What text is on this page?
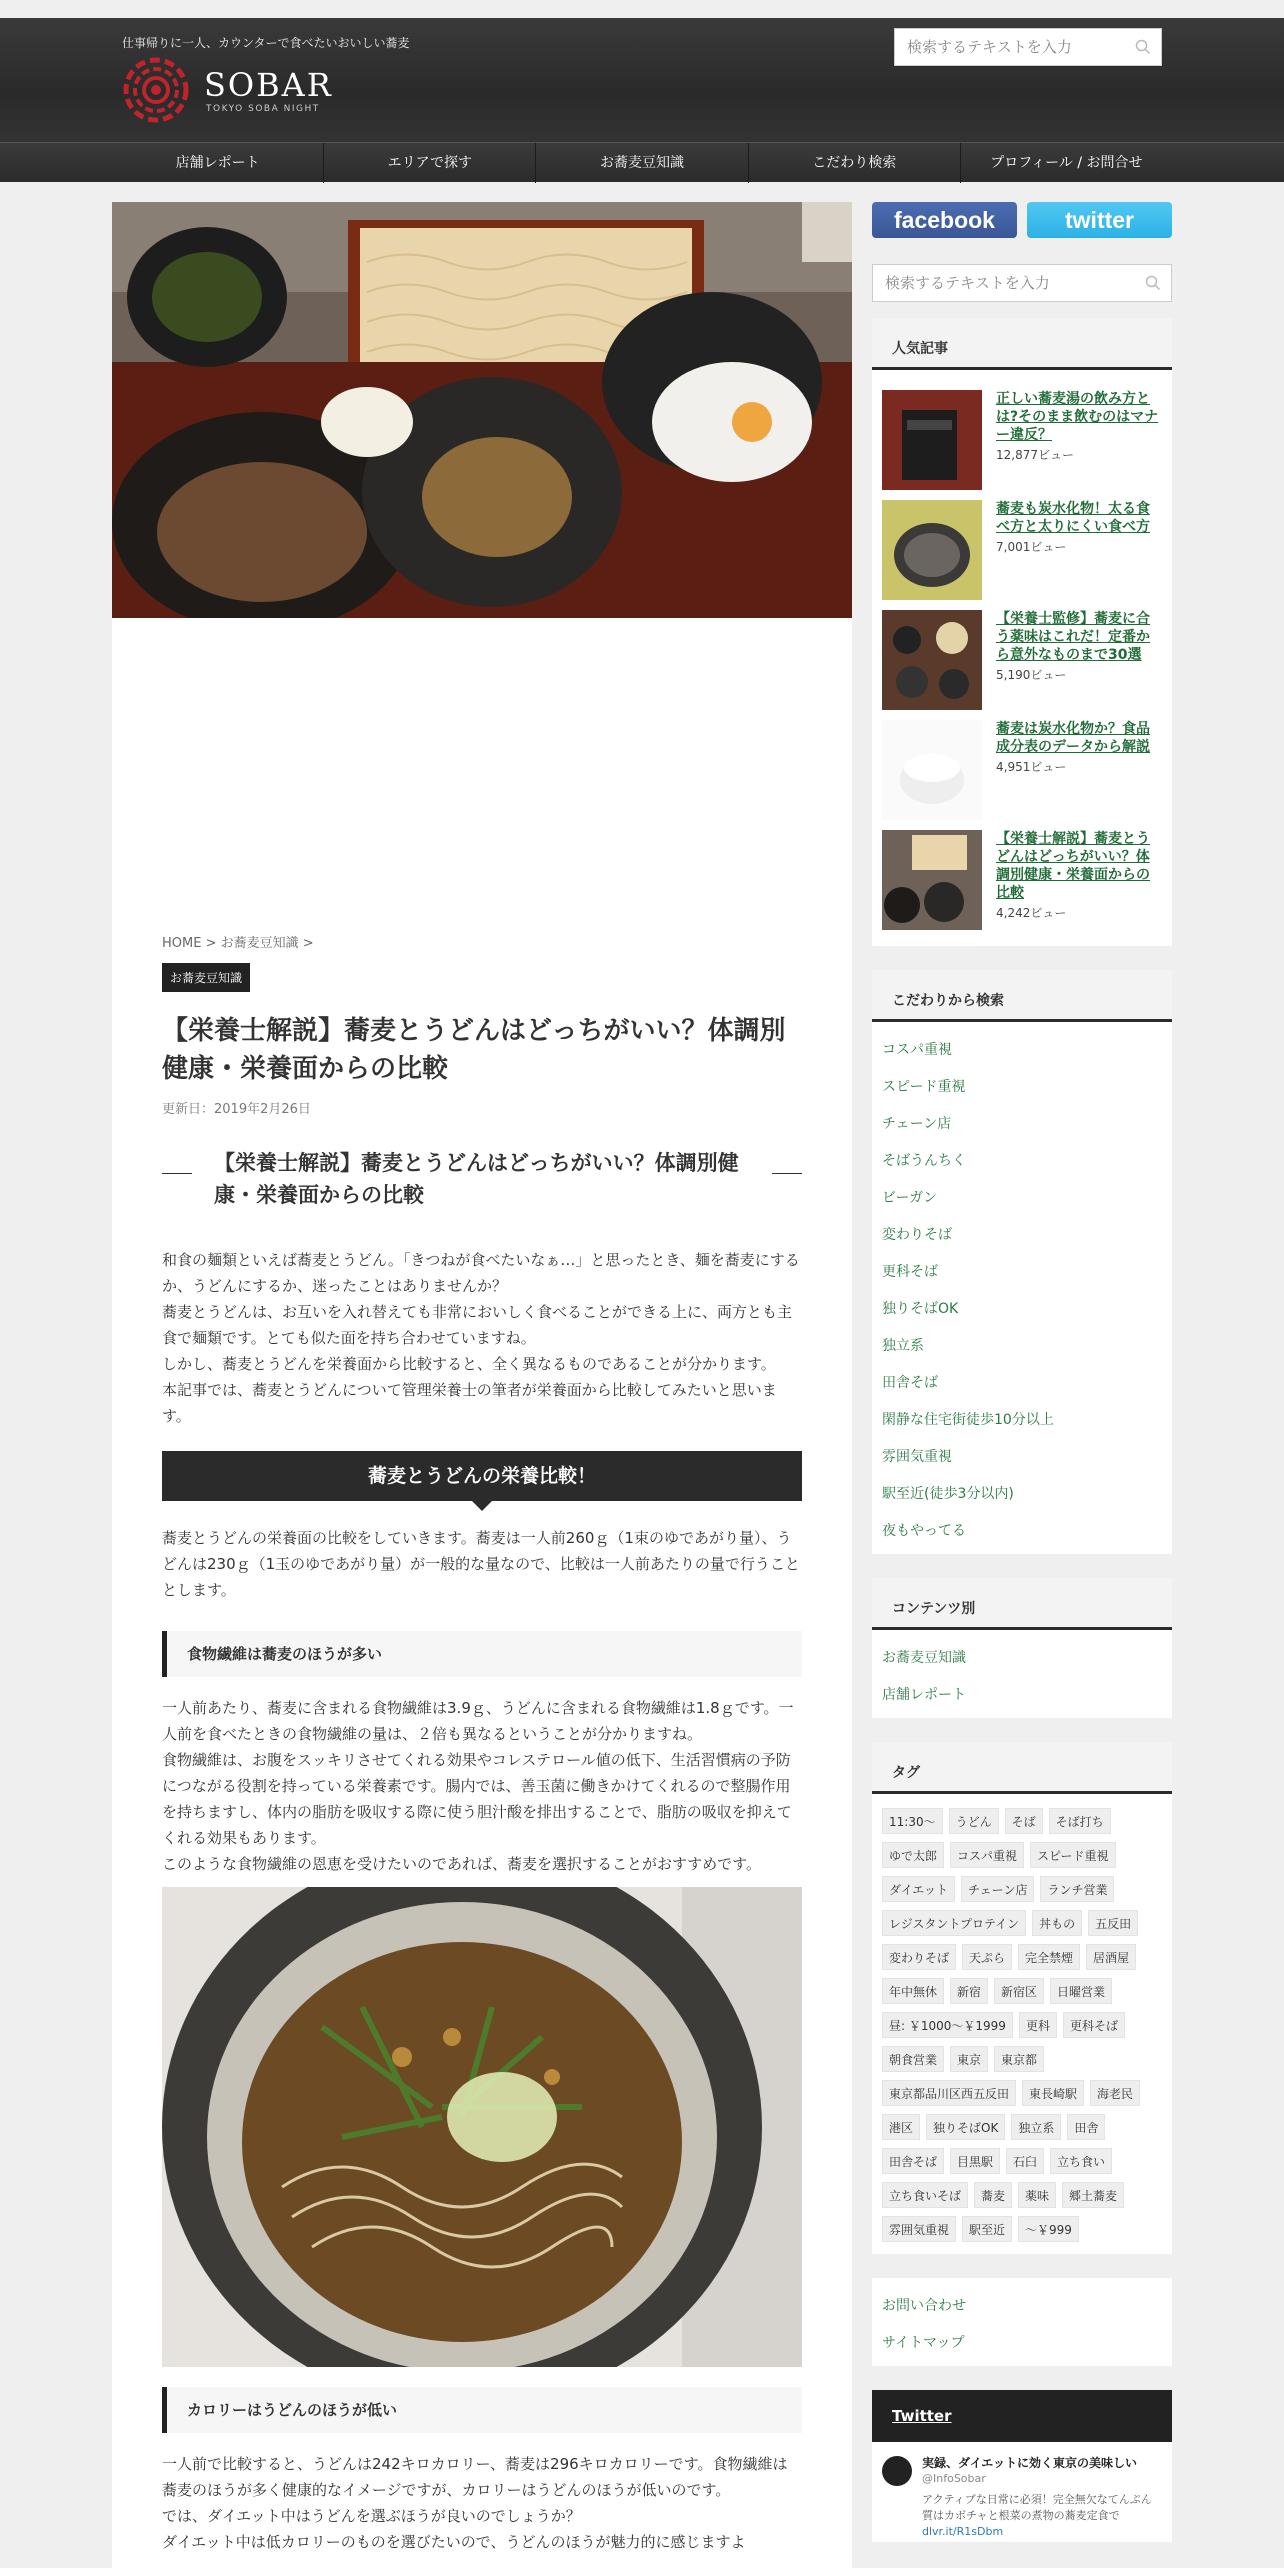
仕事帰りに一人、カウンターで食べたいおいしい蕎麦
SOBAR
TOKYO SOBA NIGHT
検索するテキストを入力
店舗レポート	エリアで探す	お蕎麦豆知識	こだわり検索	プロフィール / お問合せ
HOME > お蕎麦豆知識 >
お蕎麦豆知識
【栄養士解説】蕎麦とうどんはどっちがいい？体調別健康・栄養面からの比較
更新日：2019年2月26日
【栄養士解説】蕎麦とうどんはどっちがいい？体調別健康・栄養面からの比較

和食の麺類といえば蕎麦とうどん。「きつねが食べたいなぁ…」と思ったとき、麺を蕎麦にするか、うどんにするか、迷ったことはありませんか？

蕎麦とうどんは、お互いを入れ替えても非常においしく食べることができる上に、両方とも主食で麺類です。とても似た面を持ち合わせていますね。

しかし、蕎麦とうどんを栄養面から比較すると、全く異なるものであることが分かります。

本記事では、蕎麦とうどんについて管理栄養士の筆者が栄養面から比較してみたいと思います。

蕎麦とうどんの栄養比較！

蕎麦とうどんの栄養面の比較をしていきます。蕎麦は一人前260ｇ（1束のゆであがり量）、うどんは230ｇ（1玉のゆであがり量）が一般的な量なので、比較は一人前あたりの量で行うこととします。

食物繊維は蕎麦のほうが多い

一人前あたり、蕎麦に含まれる食物繊維は3.9ｇ、うどんに含まれる食物繊維は1.8ｇです。一人前を食べたときの食物繊維の量は、２倍も異なるということが分かりますね。

食物繊維は、お腹をスッキリさせてくれる効果やコレステロール値の低下、生活習慣病の予防につながる役割を持っている栄養素です。腸内では、善玉菌に働きかけてくれるので整腸作用を持ちますし、体内の脂肪を吸収する際に使う胆汁酸を排出することで、脂肪の吸収を抑えてくれる効果もあります。

このような食物繊維の恩恵を受けたいのであれば、蕎麦を選択することがおすすめです。

カロリーはうどんのほうが低い

一人前で比較すると、うどんは242キロカロリー、蕎麦は296キロカロリーです。食物繊維は蕎麦のほうが多く健康的なイメージですが、カロリーはうどんのほうが低いのです。

では、ダイエット中はうどんを選ぶほうが良いのでしょうか？

ダイエット中は低カロリーのものを選びたいので、うどんのほうが魅力的に感じますよ

facebook	twitter
検索するテキストを入力
人気記事
正しい蕎麦湯の飲み方とは?そのまま飲むのはマナー違反？
12,877ビュー
蕎麦も炭水化物！太る食べ方と太りにくい食べ方
7,001ビュー
【栄養士監修】蕎麦に合う薬味はこれだ！定番から意外なものまで30選
5,190ビュー
蕎麦は炭水化物か？食品成分表のデータから解説
4,951ビュー
【栄養士解説】蕎麦とうどんはどっちがいい？体調別健康・栄養面からの比較
4,242ビュー
こだわりから検索
コスパ重視
スピード重視
チェーン店
そばうんちく
ビーガン
変わりそば
更科そば
独りそばOK
独立系
田舎そば
閑静な住宅街徒歩10分以上
雰囲気重視
駅至近(徒歩3分以内)
夜もやってる
コンテンツ別
お蕎麦豆知識
店舗レポート
タグ
11:30〜	うどん	そば	そば打ち
ゆで太郎	コスパ重視	スピード重視
ダイエット	チェーン店	ランチ営業
レジスタントプロテイン	丼もの	五反田
変わりそば	天ぷら	完全禁煙	居酒屋
年中無休	新宿	新宿区	日曜営業
昼: ￥1000～￥1999	更科	更科そば
朝食営業	東京	東京都
東京都品川区西五反田	東長崎駅	海老民
港区	独りそばOK	独立系	田舎
田舎そば	目黒駅	石臼	立ち食い
立ち食いそば	蕎麦	薬味	郷土蕎麦
雰囲気重視	駅至近	～￥999
お問い合わせ
サイトマップ
Twitter
実録、ダイエットに効く東京の美味しい
@InfoSobar
アクティブな日常に必須！完全無欠なてんぷん質はカボチャと根菜の煮物の蕎麦定食で dlvr.it/R1sDbm
